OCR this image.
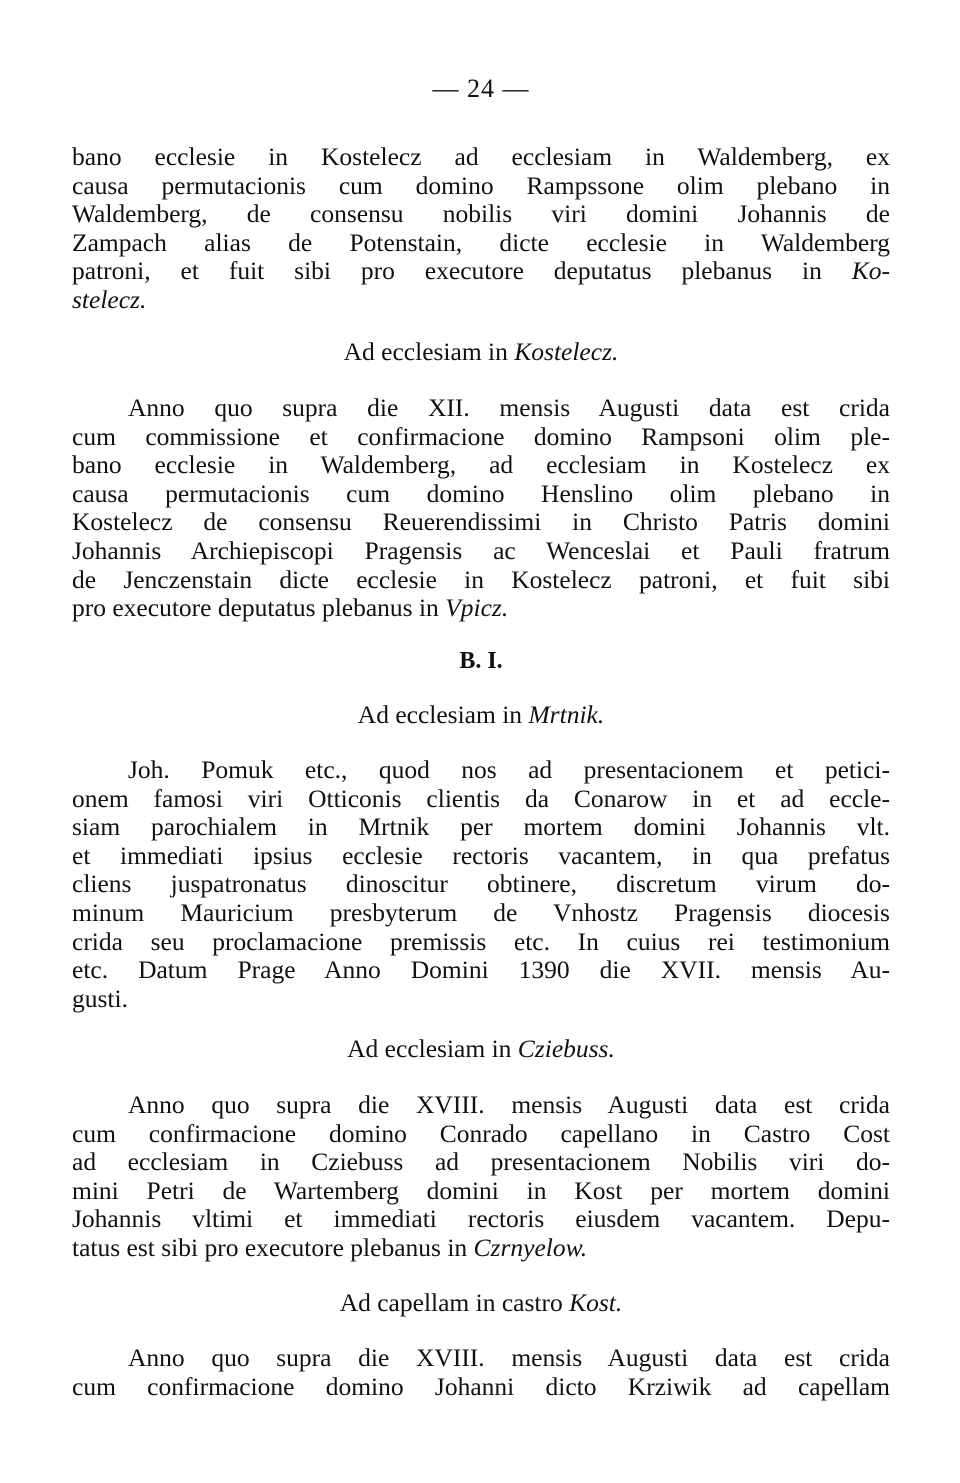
— 24 —
bano ecclesie in Kostelecz ad ecclesiam in Waldemberg, ex
causa permutacionis cum domino Rampssone olim plebano in
Waldemberg, de consensu nobilis viri domini Johannis de
Zampach alias de Potenstain, dicte ecclesie in Waldemberg
patroni, et fuit sibi pro executore deputatus plebanus in Ko-
stelecz.
Ad ecclesiam in Kostelecz.
Anno quo supra die XII. mensis Augusti data est crida
cum commissione et confirmacione domino Rampsoni olim ple-
bano ecclesie in Waldemberg, ad ecclesiam in Kostelecz ex
causa permutacionis cum domino Henslino olim plebano in
Kostelecz de consensu Reuerendissimi in Christo Patris domini
Johannis Archiepiscopi Pragensis ac Wenceslai et Pauli fratrum
de Jenczenstain dicte ecclesie in Kostelecz patroni, et fuit sibi
pro executore deputatus plebanus in Vpicz.
B. I.
Ad ecclesiam in Mrtnik.
Joh. Pomuk etc., quod nos ad presentacionem et petici-
onem famosi viri Otticonis clientis da Conarow in et ad eccle-
siam parochialem in Mrtnik per mortem domini Johannis vlt.
et immediati ipsius ecclesie rectoris vacantem, in qua prefatus
cliens juspatronatus dinoscitur obtinere, discretum virum do-
minum Mauricium presbyterum de Vnhostz Pragensis diocesis
crida seu proclamacione premissis etc. In cuius rei testimonium
etc. Datum Prage Anno Domini 1390 die XVII. mensis Au-
gusti.
Ad ecclesiam in Cziebuss.
Anno quo supra die XVIII. mensis Augusti data est crida
cum confirmacione domino Conrado capellano in Castro Cost
ad ecclesiam in Cziebuss ad presentacionem Nobilis viri do-
mini Petri de Wartemberg domini in Kost per mortem domini
Johannis vltimi et immediati rectoris eiusdem vacantem. Depu-
tatus est sibi pro executore plebanus in Czrnyelow.
Ad capellam in castro Kost.
Anno quo supra die XVIII. mensis Augusti data est crida
cum confirmacione domino Johanni dicto Krziwik ad capellam
